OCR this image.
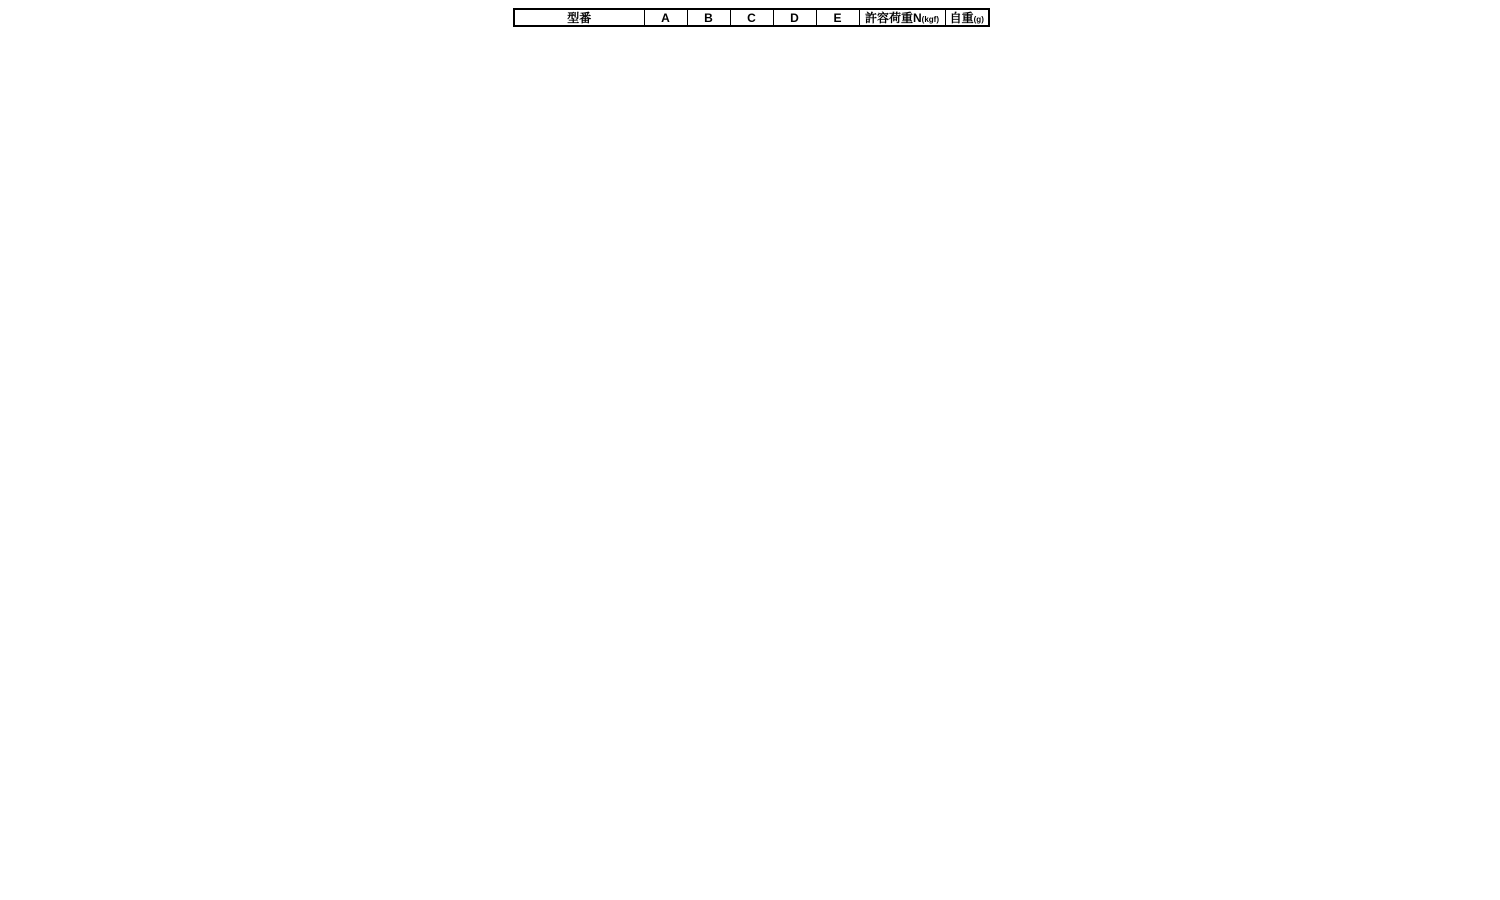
型番	A	B	C	D	E	許容荷重N(kgf)	自重(g)
